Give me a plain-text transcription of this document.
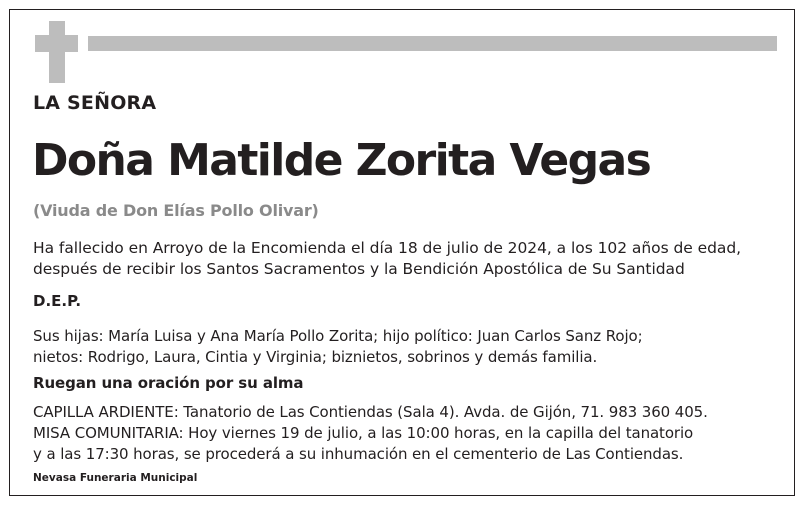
LA SEÑORA
Doña Matilde Zorita Vegas
(Viuda de Don Elías Pollo Olivar)
Ha fallecido en Arroyo de la Encomienda el día 18 de julio de 2024, a los 102 años de edad,
después de recibir los Santos Sacramentos y la Bendición Apostólica de Su Santidad
D.E.P.
Sus hijas: María Luisa y Ana María Pollo Zorita; hijo político: Juan Carlos Sanz Rojo;
nietos: Rodrigo, Laura, Cintia y Virginia; biznietos, sobrinos y demás familia.
Ruegan una oración por su alma
CAPILLA ARDIENTE: Tanatorio de Las Contiendas (Sala 4). Avda. de Gijón, 71. 983 360 405.
MISA COMUNITARIA: Hoy viernes 19 de julio, a las 10:00 horas, en la capilla del tanatorio
y a las 17:30 horas, se procederá a su inhumación en el cementerio de Las Contiendas.
Nevasa Funeraria Municipal
